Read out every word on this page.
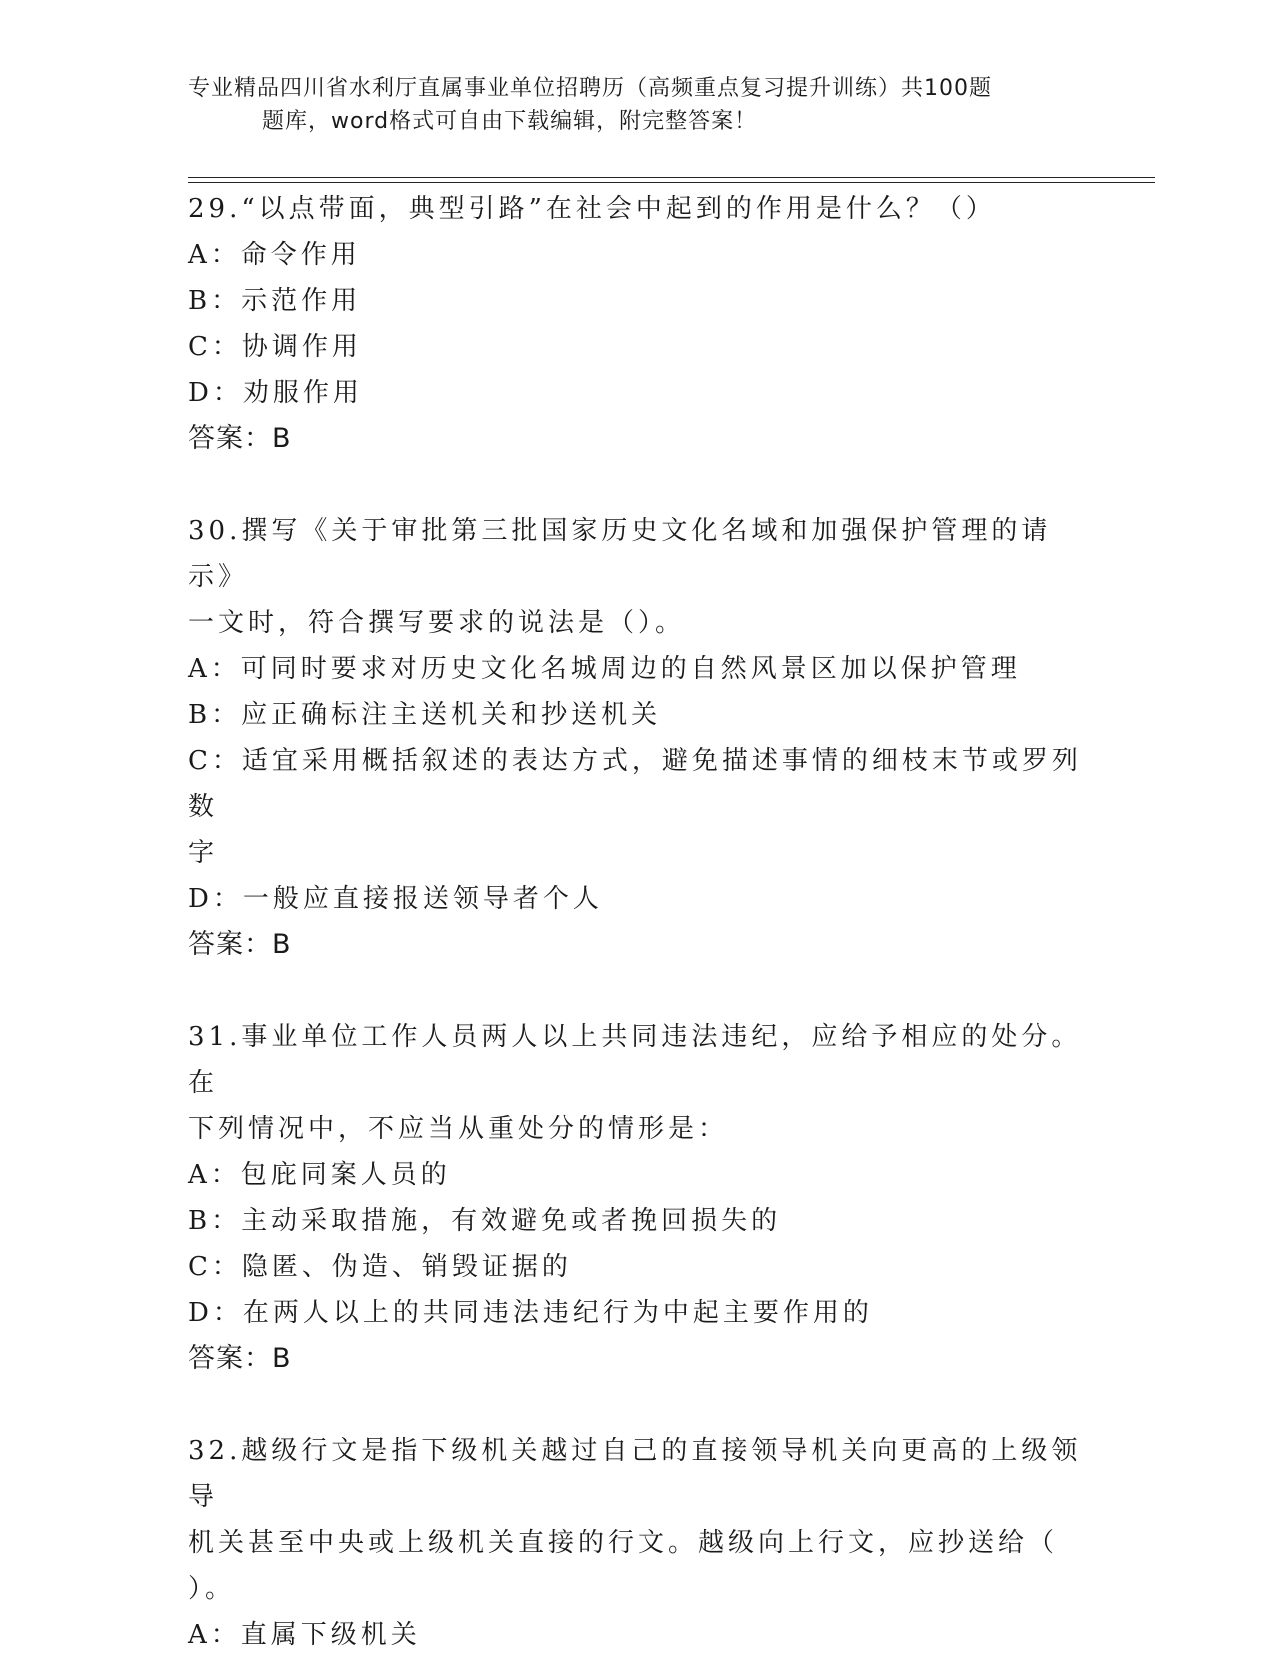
专业精品四川省水利厅直属事业单位招聘历（高频重点复习提升训练）共100题
题库，word格式可自由下载编辑，附完整答案！

29.“以点带面，典型引路”在社会中起到的作用是什么？（）

A：命令作用

B：示范作用

C：协调作用

D：劝服作用

答案：B

30.撰写《关于审批第三批国家历史文化名域和加强保护管理的请示》

一文时，符合撰写要求的说法是（）。

A：可同时要求对历史文化名城周边的自然风景区加以保护管理

B：应正确标注主送机关和抄送机关

C：适宜采用概括叙述的表达方式，避免描述事情的细枝末节或罗列数

字

D：一般应直接报送领导者个人

答案：B

31.事业单位工作人员两人以上共同违法违纪，应给予相应的处分。在

下列情况中，不应当从重处分的情形是：

A：包庇同案人员的

B：主动采取措施，有效避免或者挽回损失的

C：隐匿、伪造、销毁证据的

D：在两人以上的共同违法违纪行为中起主要作用的

答案：B

32.越级行文是指下级机关越过自己的直接领导机关向更高的上级领导

机关甚至中央或上级机关直接的行文。越级向上行文，应抄送给（

）。

A：直属下级机关
